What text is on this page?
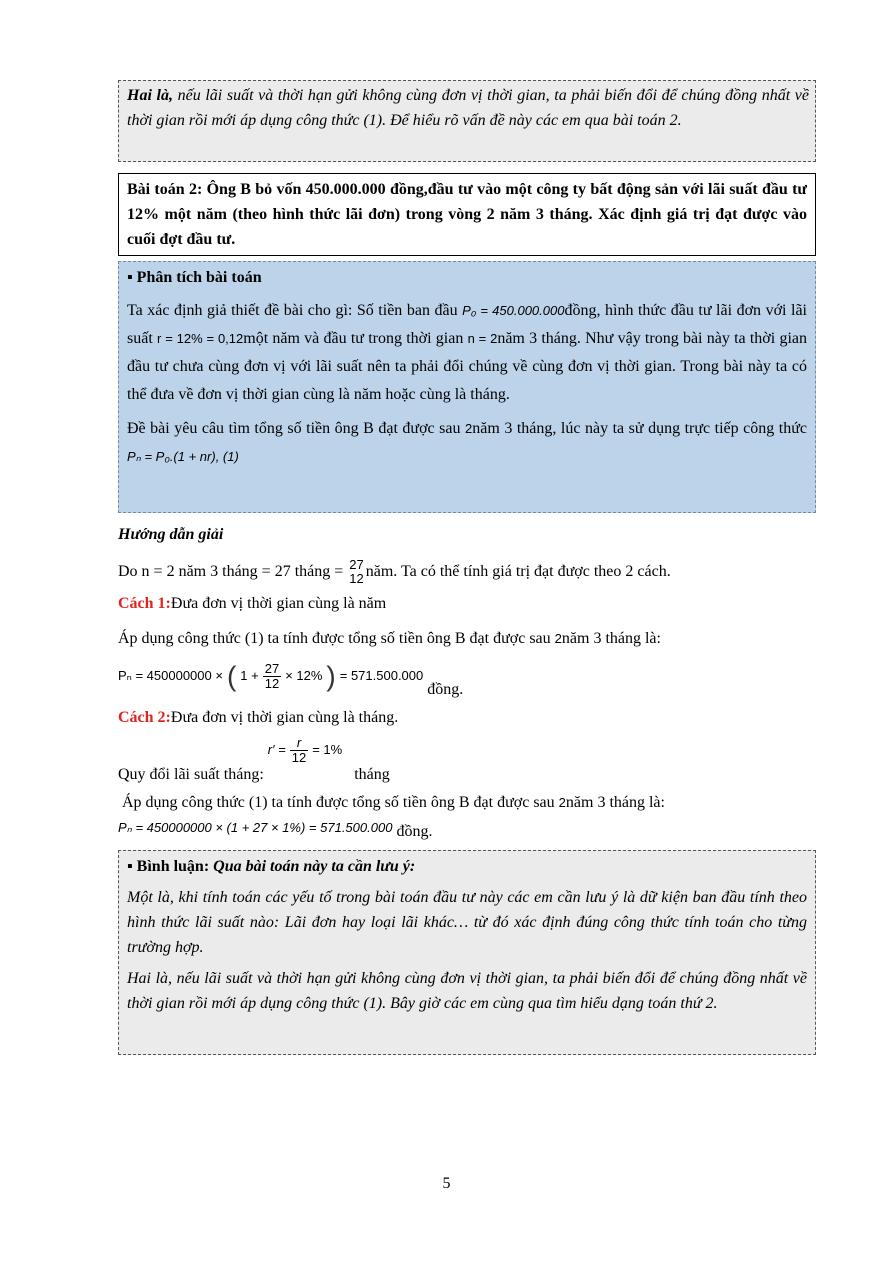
Hai là, nếu lãi suất và thời hạn gửi không cùng đơn vị thời gian, ta phải biến đổi để chúng đồng nhất về thời gian rồi mới áp dụng công thức (1). Để hiểu rõ vấn đề này các em qua bài toán 2.

Bài toán 2: Ông B bỏ vốn 450.000.000 đồng,đầu tư vào một công ty bất động sản với lãi suất đầu tư 12% một năm (theo hình thức lãi đơn) trong vòng 2 năm 3 tháng. Xác định giá trị đạt được vào cuối đợt đầu tư.

▪ Phân tích bài toán

Ta xác định giả thiết đề bài cho gì: Số tiền ban đầu P₀ = 450.000.000đồng, hình thức đầu tư lãi đơn với lãi suất r = 12% = 0,12một năm và đầu tư trong thời gian n = 2năm 3 tháng. Như vậy trong bài này ta thời gian đầu tư chưa cùng đơn vị với lãi suất nên ta phải đổi chúng về cùng đơn vị thời gian. Trong bài này ta có thể đưa về đơn vị thời gian cùng là năm hoặc cùng là tháng.

Đề bài yêu câu tìm tổng số tiền ông B đạt được sau 2năm 3 tháng, lúc này ta sử dụng trực tiếp công thức Pₙ = P₀.(1 + nr), (1)

Hướng dẫn giải

Do n = 2 năm 3 tháng = 27 tháng = 27
12 năm. Ta có thể tính giá trị đạt được theo 2 cách.

Cách 1:Đưa đơn vị thời gian cùng là năm

Áp dụng công thức (1) ta tính được tổng số tiền ông B đạt được sau 2năm 3 tháng là:

Pₙ = 450000000 × ( $1 + \frac{27}{12} \times 12\%$ ) = 571.500.000 đồng.

Cách 2:Đưa đơn vị thời gian cùng là tháng.

Quy đổi lãi suất tháng: $r' = \frac{r}{12} = 1\%$ tháng

Áp dụng công thức (1) ta tính được tổng số tiền ông B đạt được sau 2năm 3 tháng là:

Pₙ = 450000000 × (1 + 27 × 1%) = 571.500.000 đồng.

▪ Bình luận: Qua bài toán này ta cần lưu ý:

Một là, khi tính toán các yếu tố trong bài toán đầu tư này các em cần lưu ý là dữ kiện ban đầu tính theo hình thức lãi suất nào: Lãi đơn hay loại lãi khác… từ đó xác định đúng công thức tính toán cho từng trường hợp.

Hai là, nếu lãi suất và thời hạn gửi không cùng đơn vị thời gian, ta phải biến đổi để chúng đồng nhất về thời gian rồi mới áp dụng công thức (1). Bây giờ các em cùng qua tìm hiểu dạng toán thứ 2.

5
